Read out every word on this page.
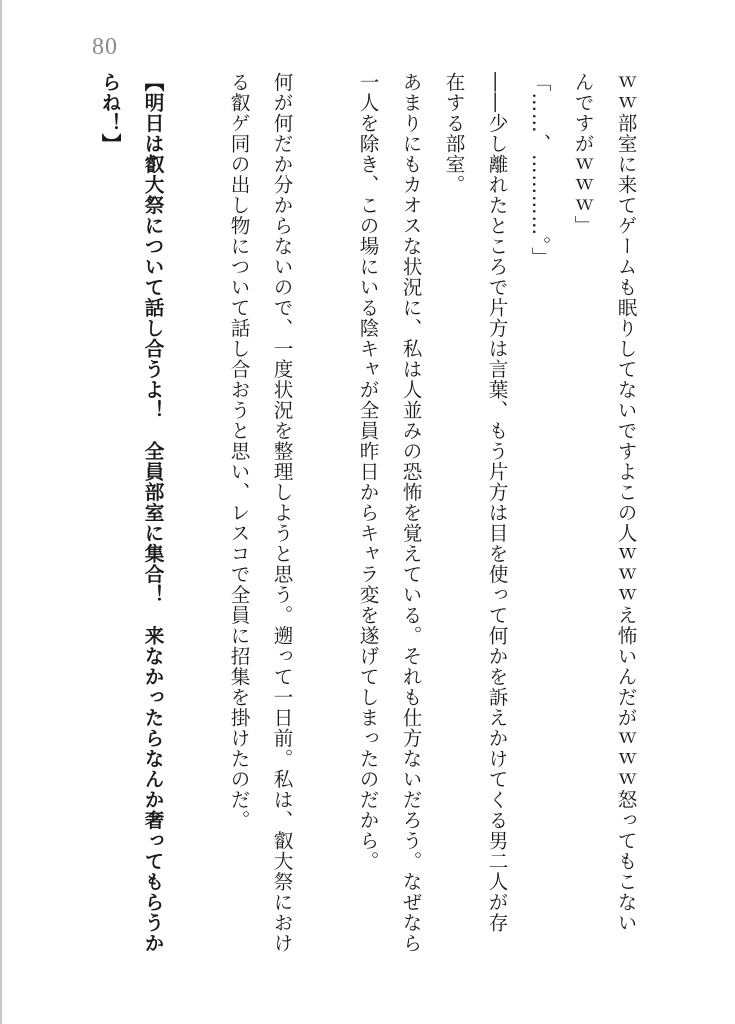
80
ｗｗ部室に来てゲームも眠りしてないですよこの人ｗｗｗえ怖いんだがｗｗｗ怒ってもこない
んですがｗｗｗ」
「……、…………。」
――少し離れたところで片方は言葉、もう片方は目を使って何かを訴えかけてくる男二人が存
在する部室。
あまりにもカオスな状況に、私は人並みの恐怖を覚えている。それも仕方ないだろう。なぜなら
一人を除き、この場にいる陰キャが全員昨日からキャラ変を遂げてしまったのだから。
何が何だか分からないので、一度状況を整理しようと思う。遡って一日前。私は、叡大祭におけ
る叡ゲ同の出し物について話し合おうと思い、レスコで全員に招集を掛けたのだ。
【明日は叡大祭について話し合うよ！　全員部室に集合！　来なかったらなんか奢ってもらうか
らね！】
